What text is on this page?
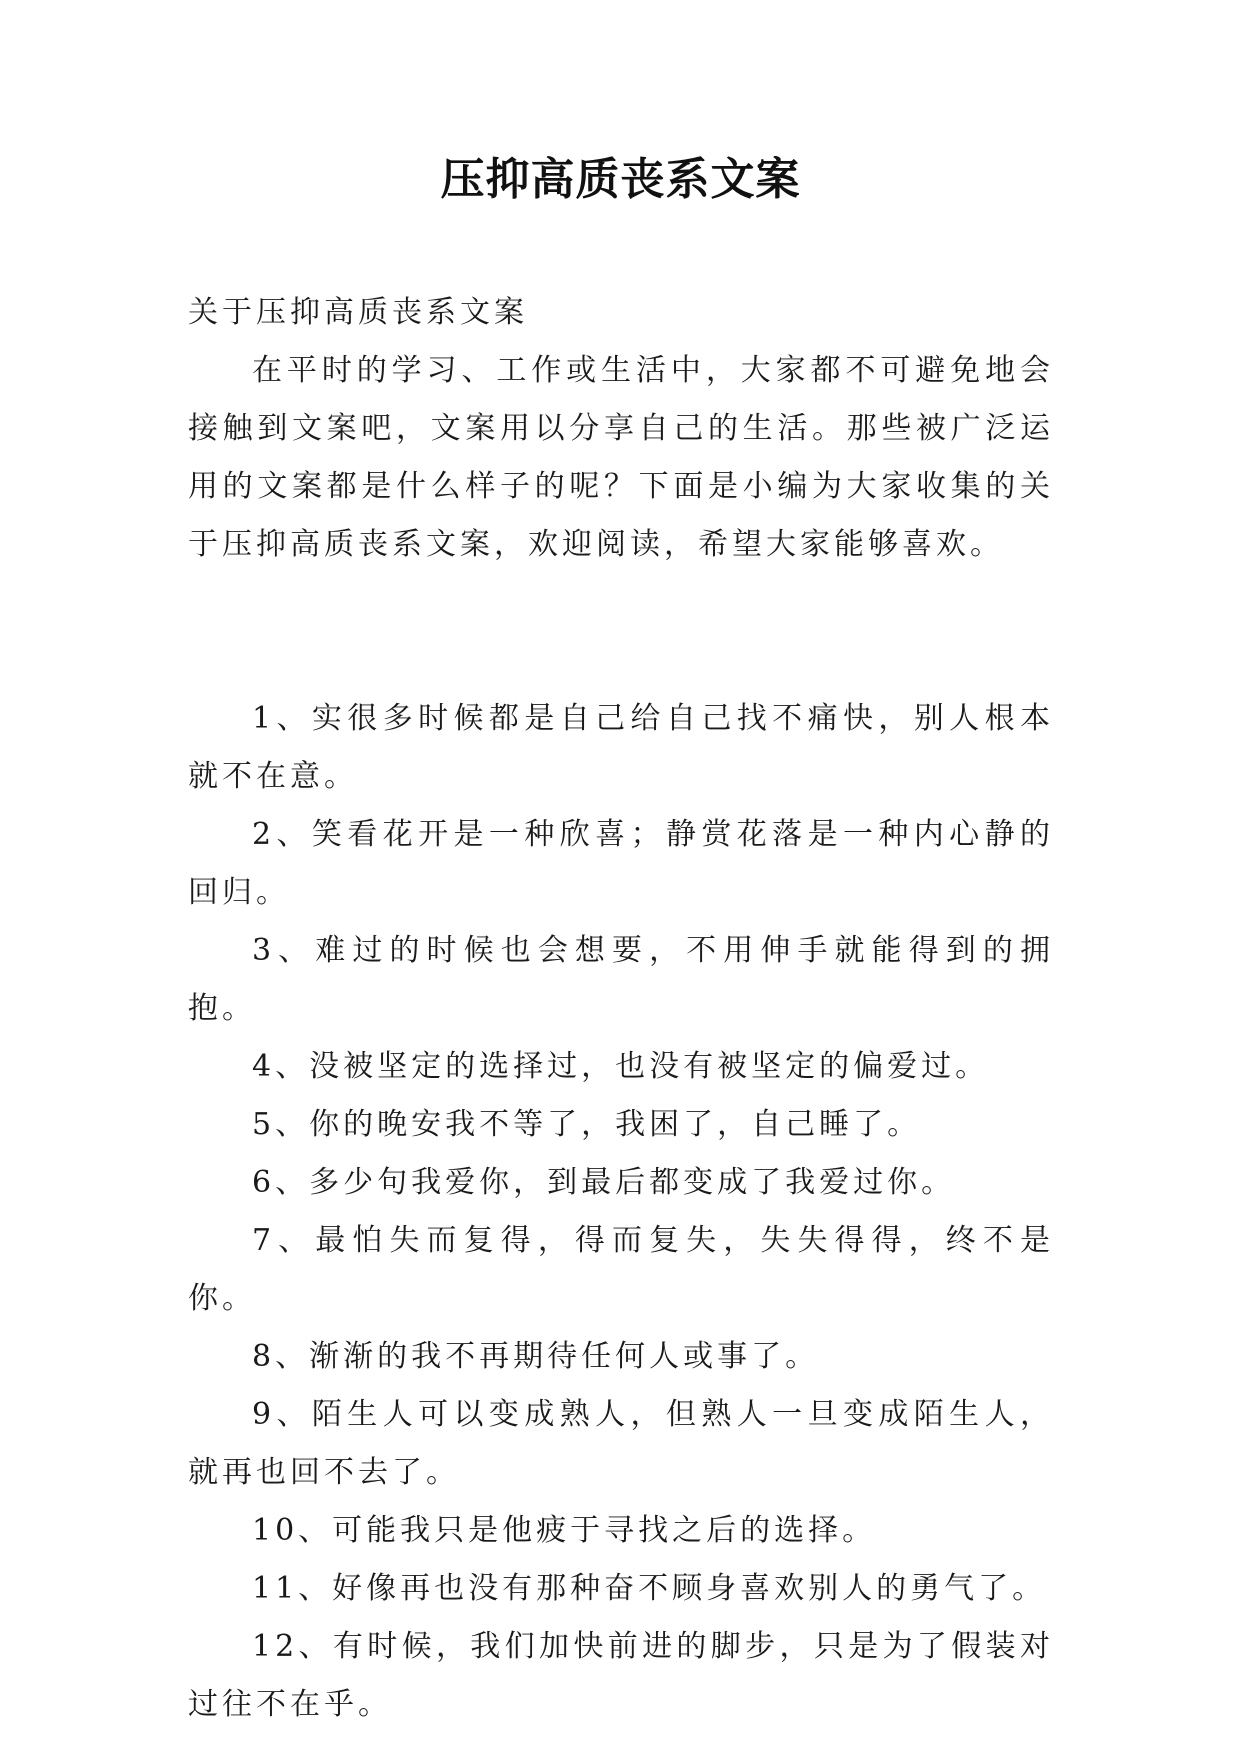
压抑高质丧系文案

关于压抑高质丧系文案

在平时的学习、工作或生活中，大家都不可避免地会接触到文案吧，文案用以分享自己的生活。那些被广泛运用的文案都是什么样子的呢？下面是小编为大家收集的关于压抑高质丧系文案，欢迎阅读，希望大家能够喜欢。

1、实很多时候都是自己给自己找不痛快，别人根本就不在意。

2、笑看花开是一种欣喜；静赏花落是一种内心静的回归。

3、难过的时候也会想要，不用伸手就能得到的拥抱。

4、没被坚定的选择过，也没有被坚定的偏爱过。

5、你的晚安我不等了，我困了，自己睡了。

6、多少句我爱你，到最后都变成了我爱过你。

7、最怕失而复得，得而复失，失失得得，终不是你。

8、渐渐的我不再期待任何人或事了。

9、陌生人可以变成熟人，但熟人一旦变成陌生人，就再也回不去了。

10、可能我只是他疲于寻找之后的选择。

11、好像再也没有那种奋不顾身喜欢别人的勇气了。

12、有时候，我们加快前进的脚步，只是为了假装对过往不在乎。
